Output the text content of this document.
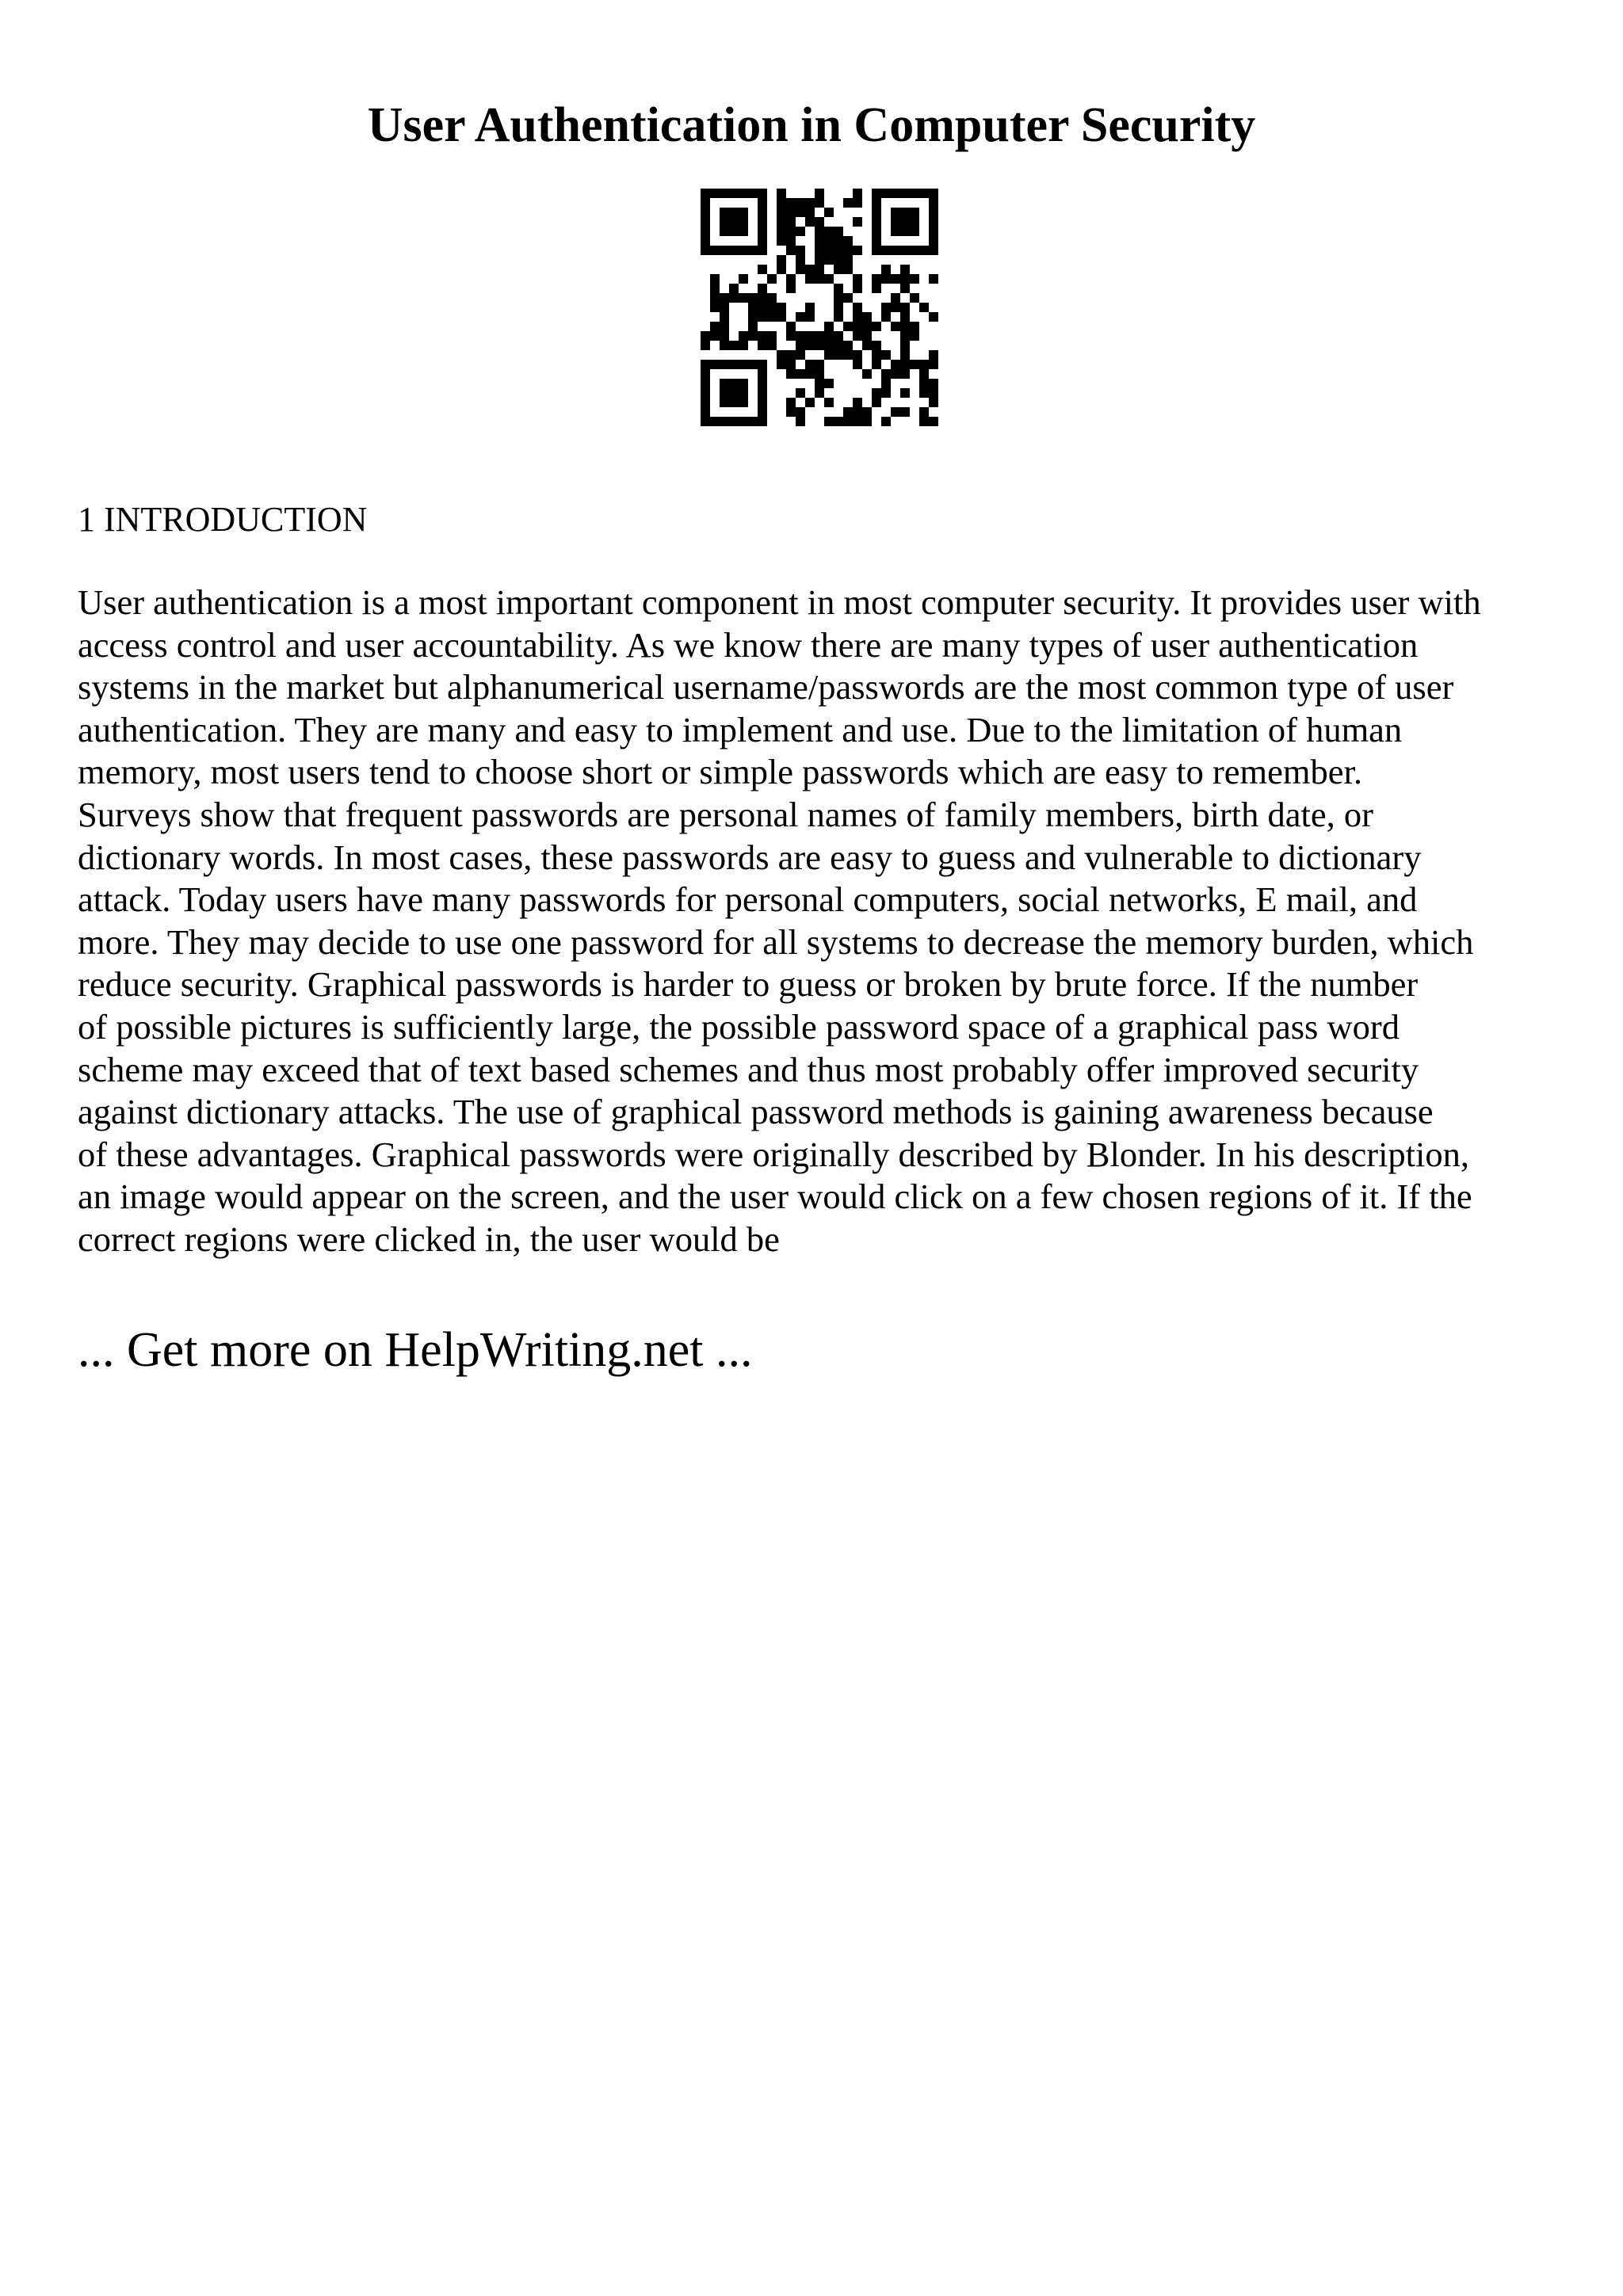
User Authentication in Computer Security
1 INTRODUCTION

User authentication is a most important component in most computer security. It provides user with
access control and user accountability. As we know there are many types of user authentication
systems in the market but alphanumerical username/passwords are the most common type of user
authentication. They are many and easy to implement and use. Due to the limitation of human
memory, most users tend to choose short or simple passwords which are easy to remember.
Surveys show that frequent passwords are personal names of family members, birth date, or
dictionary words. In most cases, these passwords are easy to guess and vulnerable to dictionary
attack. Today users have many passwords for personal computers, social networks, E mail, and
more. They may decide to use one password for all systems to decrease the memory burden, which
reduce security. Graphical passwords is harder to guess or broken by brute force. If the number
of possible pictures is sufficiently large, the possible password space of a graphical pass word
scheme may exceed that of text based schemes and thus most probably offer improved security
against dictionary attacks. The use of graphical password methods is gaining awareness because
of these advantages. Graphical passwords were originally described by Blonder. In his description,
an image would appear on the screen, and the user would click on a few chosen regions of it. If the
correct regions were clicked in, the user would be

... Get more on HelpWriting.net ...
